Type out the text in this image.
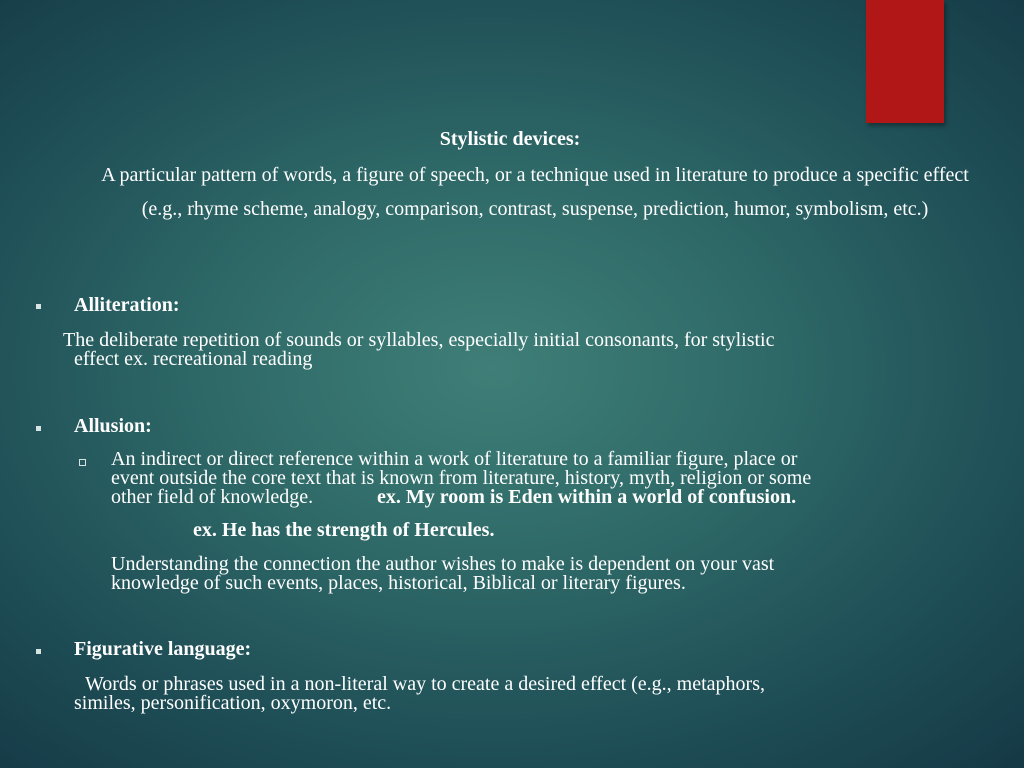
Stylistic devices:
A particular pattern of words, a figure of speech, or a technique used in literature to produce a specific effect (e.g., rhyme scheme, analogy, comparison, contrast, suspense, prediction, humor, symbolism, etc.)
Alliteration:
The deliberate repetition of sounds or syllables, especially initial consonants, for stylistic
effect ex. recreational reading
Allusion:
An indirect or direct reference within a work of literature to a familiar figure, place or
event outside the core text that is known from literature, history, myth, religion or some
other field of knowledge.	ex. My room is Eden within a world of confusion.
ex. He has the strength of Hercules.
Understanding the connection the author wishes to make is dependent on your vast
knowledge of such events, places, historical, Biblical or literary figures.
Figurative language:
Words or phrases used in a non-literal way to create a desired effect (e.g., metaphors,
similes, personification, oxymoron, etc.
